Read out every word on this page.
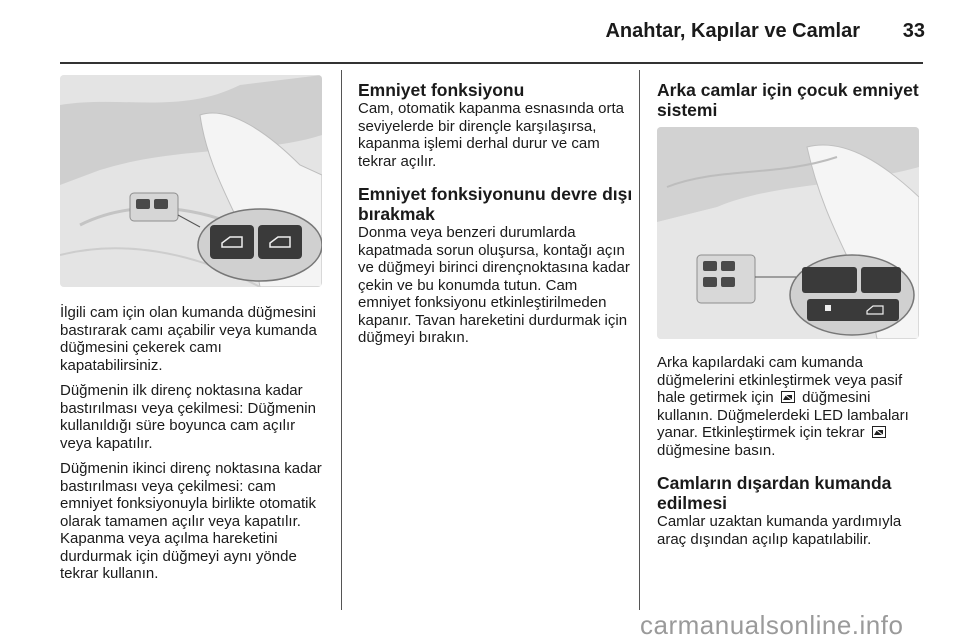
Anahtar, Kapılar ve Camlar	33

İlgili cam için olan kumanda düğmesini bastırarak camı açabilir veya kumanda düğmesini çekerek camı kapatabilirsiniz.

Düğmenin ilk direnç noktasına kadar bastırılması veya çekilmesi: Düğmenin kullanıldığı süre boyunca cam açılır veya kapatılır.

Düğmenin ikinci direnç noktasına kadar bastırılması veya çekilmesi: cam emniyet fonksiyonuyla birlikte otomatik olarak tamamen açılır veya kapatılır. Kapanma veya açılma hareketini durdurmak için düğmeyi aynı yönde tekrar kullanın.

Emniyet fonksiyonu

Cam, otomatik kapanma esnasında orta seviyelerde bir dirençle karşılaşırsa, kapanma işlemi derhal durur ve cam tekrar açılır.

Emniyet fonksiyonunu devre dışı bırakmak

Donma veya benzeri durumlarda kapatmada sorun oluşursa, kontağı açın ve düğmeyi birinci dirençnoktasına kadar çekin ve bu konumda tutun. Cam emniyet fonksiyonu etkinleştirilmeden kapanır. Tavan hareketini durdurmak için düğmeyi bırakın.

Arka camlar için çocuk emniyet sistemi

Arka kapılardaki cam kumanda düğmelerini etkinleştirmek veya pasif hale getirmek için düğmesini kullanın. Düğmelerdeki LED lambaları yanar. Etkinleştirmek için tekrar  düğmesine basın.

Camların dışardan kumanda edilmesi

Camlar uzaktan kumanda yardımıyla araç dışından açılıp kapatılabilir.

carmanualsonline.info
